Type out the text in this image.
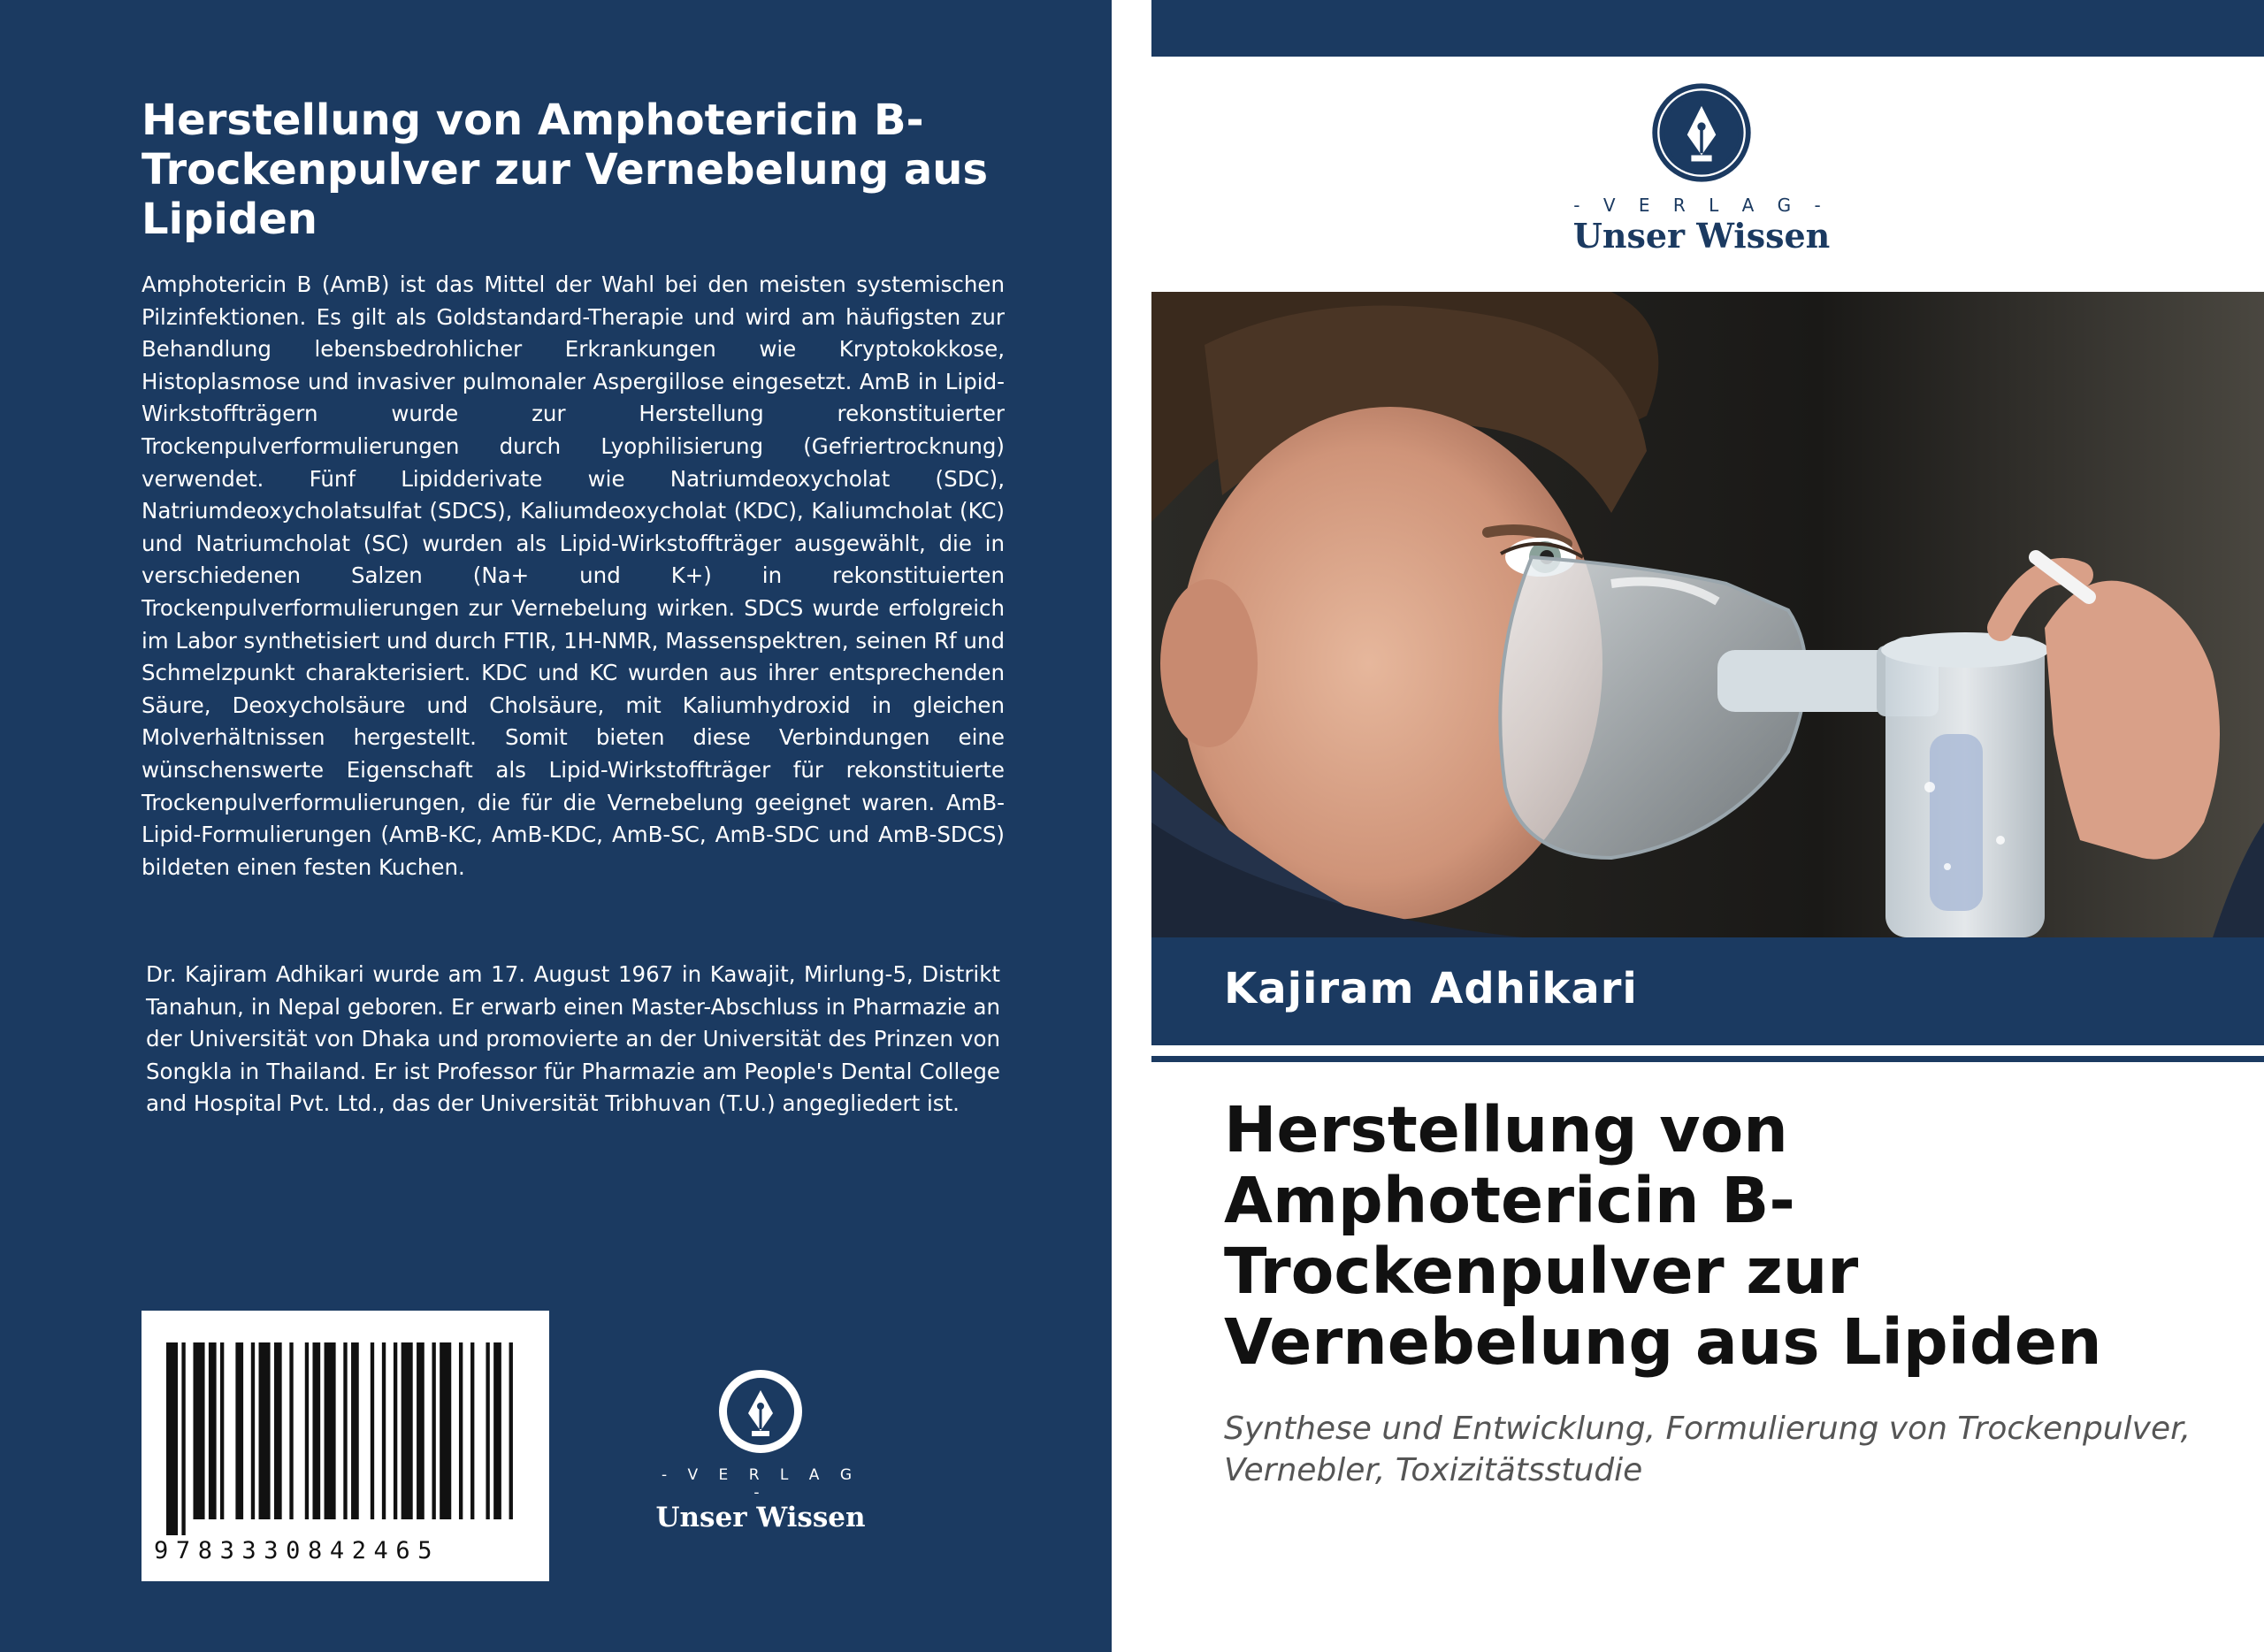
Herstellung von Amphotericin B-Trockenpulver zur Vernebelung aus Lipiden

Amphotericin B (AmB) ist das Mittel der Wahl bei den meisten systemischen Pilzinfektionen. Es gilt als Goldstandard-Therapie und wird am häufigsten zur Behandlung lebensbedrohlicher Erkrankungen wie Kryptokokkose, Histoplasmose und invasiver pulmonaler Aspergillose eingesetzt. AmB in Lipid-Wirkstoffträgern wurde zur Herstellung rekonstituierter Trockenpulverformulierungen durch Lyophilisierung (Gefriertrocknung) verwendet. Fünf Lipidderivate wie Natriumdeoxycholat (SDC), Natriumdeoxycholatsulfat (SDCS), Kaliumdeoxycholat (KDC), Kaliumcholat (KC) und Natriumcholat (SC) wurden als Lipid-Wirkstoffträger ausgewählt, die in verschiedenen Salzen (Na+ und K+) in rekonstituierten Trockenpulverformulierungen zur Vernebelung wirken. SDCS wurde erfolgreich im Labor synthetisiert und durch FTIR, 1H-NMR, Massenspektren, seinen Rf und Schmelzpunkt charakterisiert. KDC und KC wurden aus ihrer entsprechenden Säure, Deoxycholsäure und Cholsäure, mit Kaliumhydroxid in gleichen Molverhältnissen hergestellt. Somit bieten diese Verbindungen eine wünschenswerte Eigenschaft als Lipid-Wirkstoffträger für rekonstituierte Trockenpulverformulierungen, die für die Vernebelung geeignet waren. AmB-Lipid-Formulierungen (AmB-KC, AmB-KDC, AmB-SC, AmB-SDC und AmB-SDCS) bildeten einen festen Kuchen.

Dr. Kajiram Adhikari wurde am 17. August 1967 in Kawajit, Mirlung-5, Distrikt Tanahun, in Nepal geboren. Er erwarb einen Master-Abschluss in Pharmazie an der Universität von Dhaka und promovierte an der Universität des Prinzen von Songkla in Thailand. Er ist Professor für Pharmazie am People's Dental College and Hospital Pvt. Ltd., das der Universität Tribhuvan (T.U.) angegliedert ist.

9783330842465
- V E R L A G -
Unser Wissen
- V E R L A G -
Unser Wissen
Kajiram Adhikari
Herstellung von Amphotericin B-Trockenpulver zur Vernebelung aus Lipiden

Synthese und Entwicklung, Formulierung von Trockenpulver, Vernebler, Toxizitätsstudie
